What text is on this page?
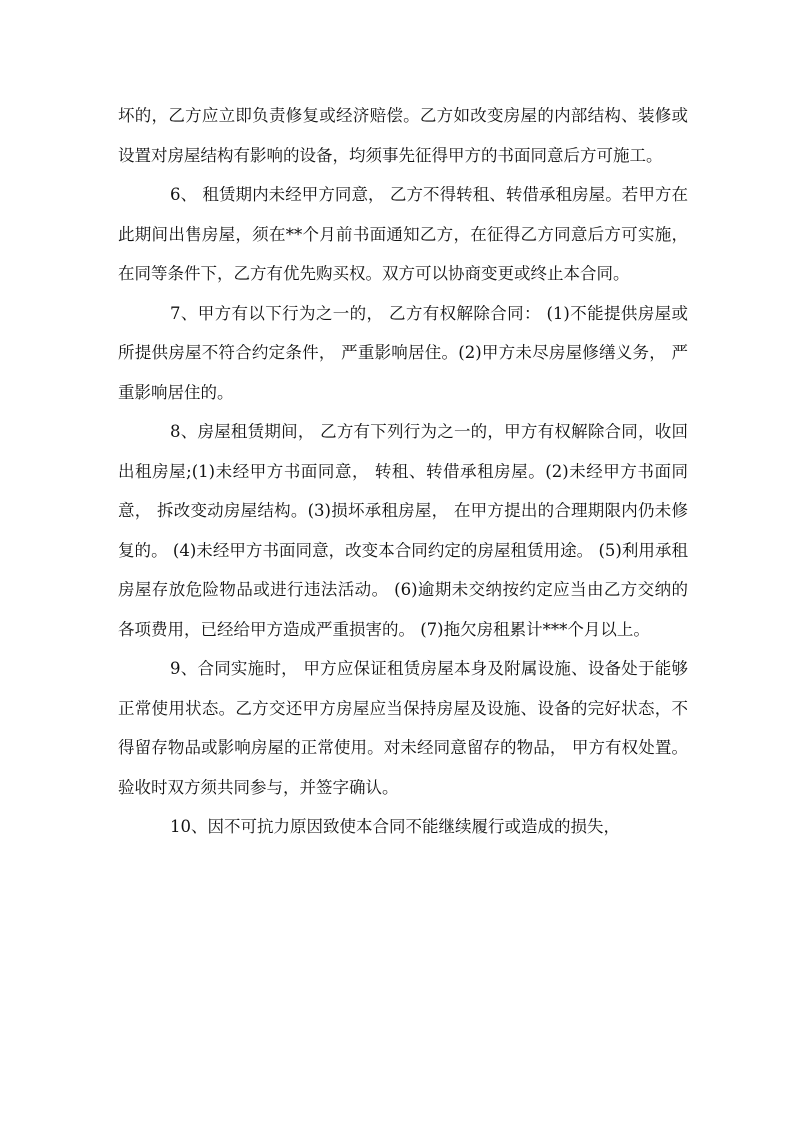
坏的，乙方应立即负责修复或经济赔偿。乙方如改变房屋的内部结构、装修或设置对房屋结构有影响的设备，均须事先征得甲方的书面同意后方可施工。

6、 租赁期内未经甲方同意， 乙方不得转租、转借承租房屋。若甲方在此期间出售房屋，须在**个月前书面通知乙方，在征得乙方同意后方可实施，在同等条件下，乙方有优先购买权。双方可以协商变更或终止本合同。

7、甲方有以下行为之一的， 乙方有权解除合同： (1)不能提供房屋或所提供房屋不符合约定条件， 严重影响居住。(2)甲方未尽房屋修缮义务， 严重影响居住的。

8、房屋租赁期间， 乙方有下列行为之一的，甲方有权解除合同，收回出租房屋;(1)未经甲方书面同意， 转租、转借承租房屋。(2)未经甲方书面同意， 拆改变动房屋结构。(3)损坏承租房屋， 在甲方提出的合理期限内仍未修复的。 (4)未经甲方书面同意，改变本合同约定的房屋租赁用途。 (5)利用承租房屋存放危险物品或进行违法活动。 (6)逾期未交纳按约定应当由乙方交纳的各项费用，已经给甲方造成严重损害的。 (7)拖欠房租累计***个月以上。

9、合同实施时， 甲方应保证租赁房屋本身及附属设施、设备处于能够正常使用状态。乙方交还甲方房屋应当保持房屋及设施、设备的完好状态，不得留存物品或影响房屋的正常使用。对未经同意留存的物品， 甲方有权处置。验收时双方须共同参与，并签字确认。

10、因不可抗力原因致使本合同不能继续履行或造成的损失，
